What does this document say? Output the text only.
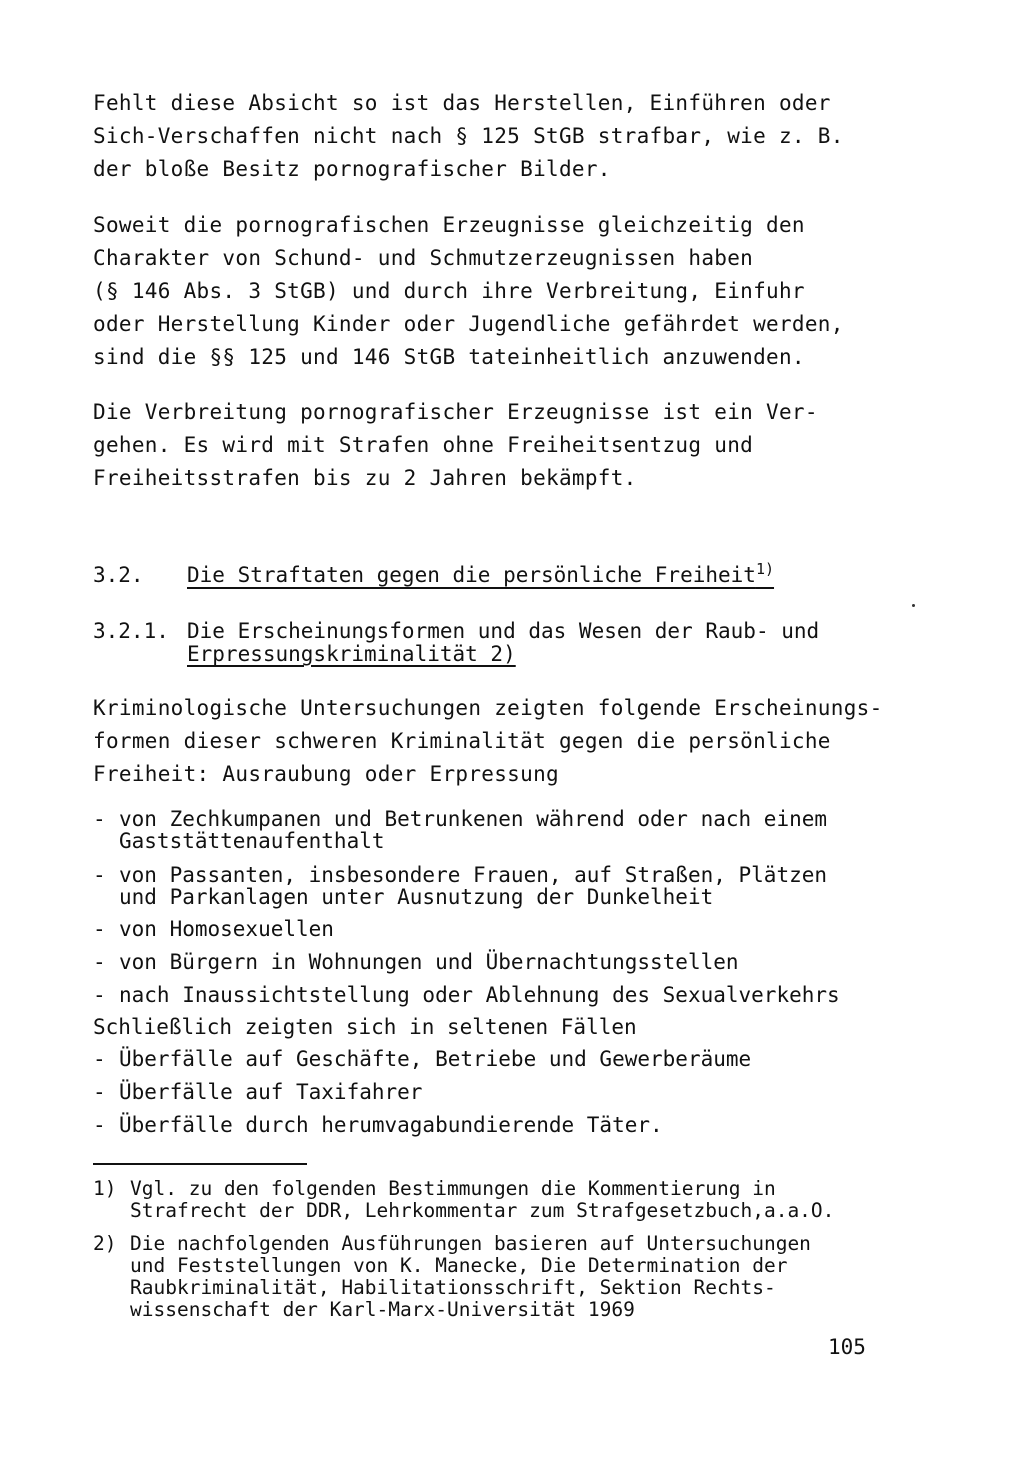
Fehlt diese Absicht so ist das Herstellen, Einführen oder
Sich-Verschaffen nicht nach § 125 StGB strafbar, wie z. B.
der bloße Besitz pornografischer Bilder.
Soweit die pornografischen Erzeugnisse gleichzeitig den
Charakter von Schund- und Schmutzerzeugnissen haben
(§ 146 Abs. 3 StGB) und durch ihre Verbreitung, Einfuhr
oder Herstellung Kinder oder Jugendliche gefährdet werden,
sind die §§ 125 und 146 StGB tateinheitlich anzuwenden.
Die Verbreitung pornografischer Erzeugnisse ist ein Ver-
gehen. Es wird mit Strafen ohne Freiheitsentzug und
Freiheitsstrafen bis zu 2 Jahren bekämpft.
3.2. Die Straftaten gegen die persönliche Freiheit$^{1)}$
3.2.1. Die Erscheinungsformen und das Wesen der Raub- und
Erpressungskriminalität 2)
Kriminologische Untersuchungen zeigten folgende Erscheinungs-
formen dieser schweren Kriminalität gegen die persönliche
Freiheit: Ausraubung oder Erpressung
- von Zechkumpanen und Betrunkenen während oder nach einem
Gaststättenaufenthalt
- von Passanten, insbesondere Frauen, auf Straßen, Plätzen
und Parkanlagen unter Ausnutzung der Dunkelheit
- von Homosexuellen
- von Bürgern in Wohnungen und Übernachtungsstellen
- nach Inaussichtstellung oder Ablehnung des Sexualverkehrs
Schließlich zeigten sich in seltenen Fällen
- Überfälle auf Geschäfte, Betriebe und Gewerberäume
- Überfälle auf Taxifahrer
- Überfälle durch herumvagabundierende Täter.
1) Vgl. zu den folgenden Bestimmungen die Kommentierung in
Strafrecht der DDR, Lehrkommentar zum Strafgesetzbuch,a.a.O.
2) Die nachfolgenden Ausführungen basieren auf Untersuchungen
und Feststellungen von K. Manecke, Die Determination der
Raubkriminalität, Habilitationsschrift, Sektion Rechts-
wissenschaft der Karl-Marx-Universität 1969
105
